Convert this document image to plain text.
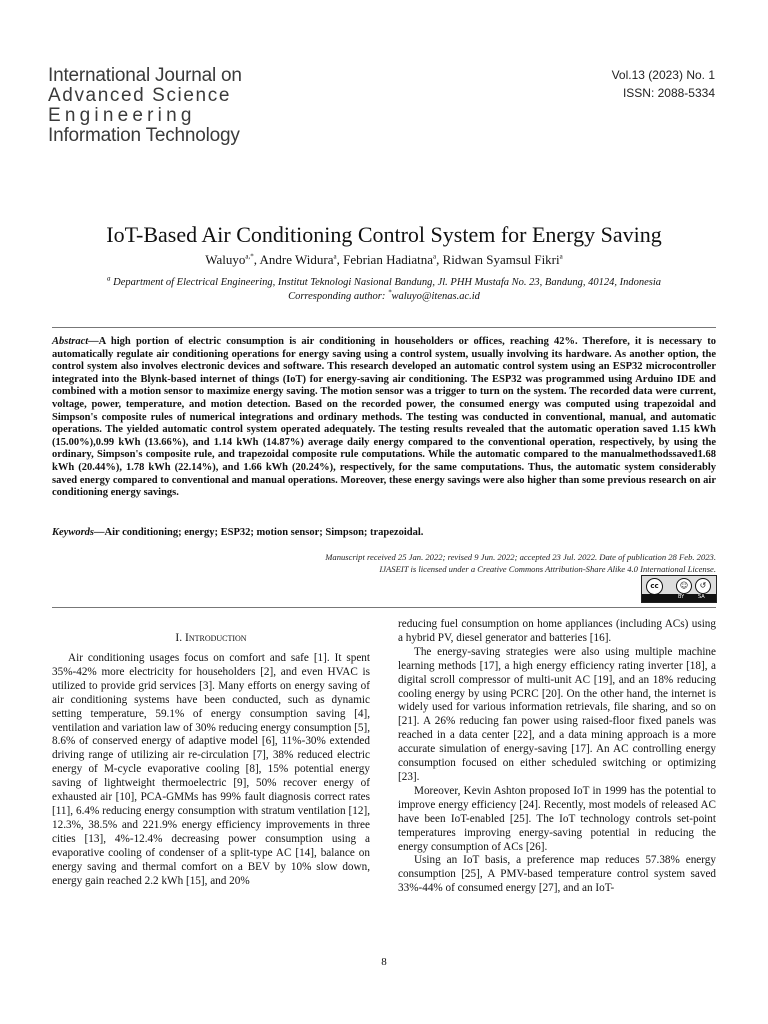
International Journal on
Advanced Science
Engineering
Information Technology
Vol.13 (2023) No. 1
ISSN: 2088-5334
IoT-Based Air Conditioning Control System for Energy Saving
Waluyo$^{a,*}$, Andre Widura$^a$, Febrian Hadiatna$^a$, Ridwan Syamsul Fikri$^a$
$^a$ Department of Electrical Engineering, Institut Teknologi Nasional Bandung, Jl. PHH Mustafa No. 23, Bandung, 40124, Indonesia
Corresponding author: *waluyo@itenas.ac.id
Abstract—A high portion of electric consumption is air conditioning in householders or offices, reaching 42%. Therefore, it is necessary to automatically regulate air conditioning operations for energy saving using a control system, usually involving its hardware. As another option, the control system also involves electronic devices and software. This research developed an automatic control system using an ESP32 microcontroller integrated into the Blynk-based internet of things (IoT) for energy-saving air conditioning. The ESP32 was programmed using Arduino IDE and combined with a motion sensor to maximize energy saving. The motion sensor was a trigger to turn on the system. The recorded data were current, voltage, power, temperature, and motion detection. Based on the recorded power, the consumed energy was computed using trapezoidal and Simpson's composite rules of numerical integrations and ordinary methods. The testing was conducted in conventional, manual, and automatic operations. The yielded automatic control system operated adequately. The testing results revealed that the automatic operation saved 1.15 kWh (15.00%),0.99 kWh (13.66%), and 1.14 kWh (14.87%) average daily energy compared to the conventional operation, respectively, by using the ordinary, Simpson's composite rule, and trapezoidal composite rule computations. While the automatic compared to the manualmethodssaved1.68 kWh (20.44%), 1.78 kWh (22.14%), and 1.66 kWh (20.24%), respectively, for the same computations. Thus, the automatic system considerably saved energy compared to conventional and manual operations. Moreover, these energy savings were also higher than some previous research on air conditioning energy savings.
Keywords—Air conditioning; energy; ESP32; motion sensor; Simpson; trapezoidal.
Manuscript received 25 Jan. 2022; revised 9 Jun. 2022; accepted 23 Jul. 2022. Date of publication 28 Feb. 2023.
IJASEIT is licensed under a Creative Commons Attribution-Share Alike 4.0 International License.
cc	☺	↺
BY	SA
I. Introduction

Air conditioning usages focus on comfort and safe [1]. It spent 35%-42% more electricity for householders [2], and even HVAC is utilized to provide grid services [3]. Many efforts on energy saving of air conditioning systems have been conducted, such as dynamic setting temperature, 59.1% of energy consumption saving [4], ventilation and variation law of 30% reducing energy consumption [5], 8.6% of conserved energy of adaptive model [6], 11%-30% extended driving range of utilizing air re-circulation [7], 38% reduced electric energy of M-cycle evaporative cooling [8], 15% potential energy saving of lightweight thermoelectric [9], 50% recover energy of exhausted air [10], PCA-GMMs has 99% fault diagnosis correct rates [11], 6.4% reducing energy consumption with stratum ventilation [12], 12.3%, 38.5% and 221.9% energy efficiency improvements in three cities [13], 4%-12.4% decreasing power consumption using a evaporative cooling of condenser of a split-type AC [14], balance on energy saving and thermal comfort on a BEV by 10% slow down, energy gain reached 2.2 kWh [15], and 20%

reducing fuel consumption on home appliances (including ACs) using a hybrid PV, diesel generator and batteries [16].

The energy-saving strategies were also using multiple machine learning methods [17], a high energy efficiency rating inverter [18], a digital scroll compressor of multi-unit AC [19], and an 18% reducing cooling energy by using PCRC [20]. On the other hand, the internet is widely used for various information retrievals, file sharing, and so on [21]. A 26% reducing fan power using raised-floor fixed panels was reached in a data center [22], and a data mining approach is a more accurate simulation of energy-saving [17]. An AC controlling energy consumption focused on either scheduled switching or optimizing [23].

Moreover, Kevin Ashton proposed IoT in 1999 has the potential to improve energy efficiency [24]. Recently, most models of released AC have been IoT-enabled [25]. The IoT technology controls set-point temperatures improving energy-saving potential in reducing the energy consumption of ACs [26].

Using an IoT basis, a preference map reduces 57.38% energy consumption [25], A PMV-based temperature control system saved 33%-44% of consumed energy [27], and an IoT-

8
